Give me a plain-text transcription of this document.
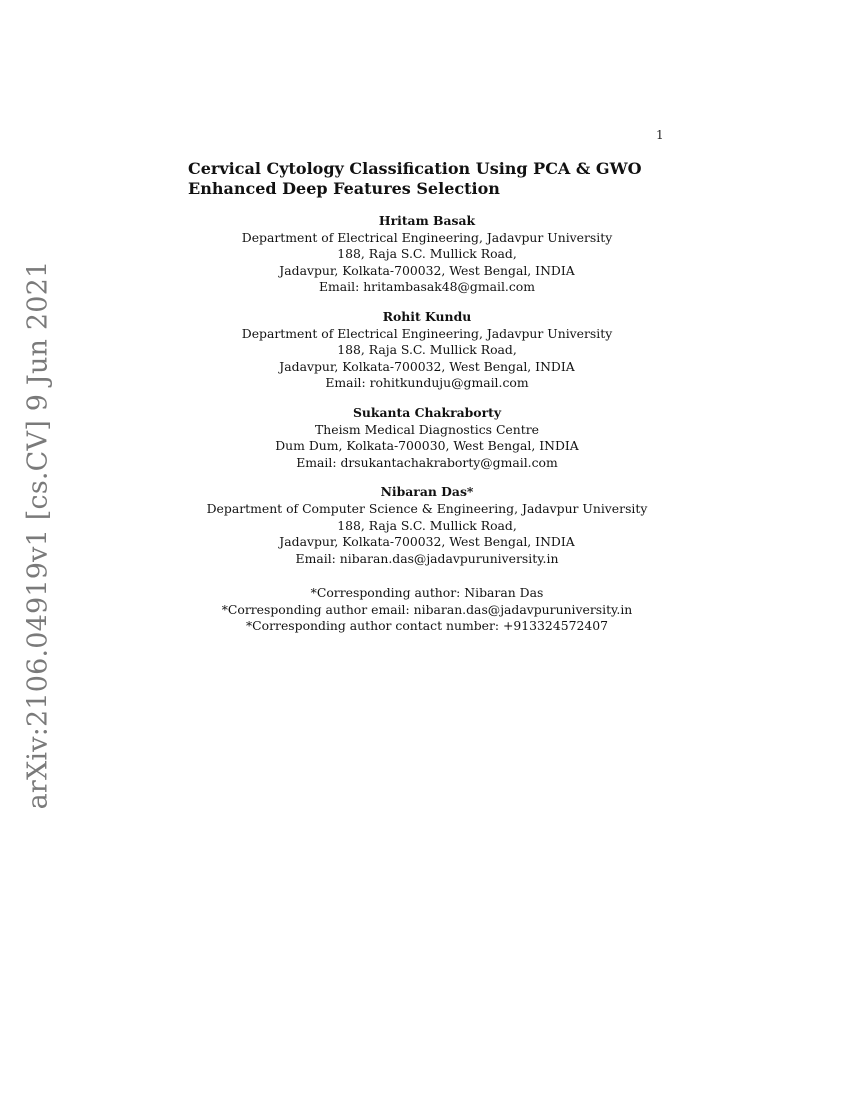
1
arXiv:2106.04919v1 [cs.CV] 9 Jun 2021
Cervical Cytology Classification Using PCA & GWO
Enhanced Deep Features Selection
Hritam Basak
Department of Electrical Engineering, Jadavpur University
188, Raja S.C. Mullick Road,
Jadavpur, Kolkata-700032, West Bengal, INDIA
Email: hritambasak48@gmail.com
Rohit Kundu
Department of Electrical Engineering, Jadavpur University
188, Raja S.C. Mullick Road,
Jadavpur, Kolkata-700032, West Bengal, INDIA
Email: rohitkunduju@gmail.com
Sukanta Chakraborty
Theism Medical Diagnostics Centre
Dum Dum, Kolkata-700030, West Bengal, INDIA
Email: drsukantachakraborty@gmail.com
Nibaran Das*
Department of Computer Science & Engineering, Jadavpur University
188, Raja S.C. Mullick Road,
Jadavpur, Kolkata-700032, West Bengal, INDIA
Email: nibaran.das@jadavpuruniversity.in
*Corresponding author: Nibaran Das
*Corresponding author email: nibaran.das@jadavpuruniversity.in
*Corresponding author contact number: +913324572407
